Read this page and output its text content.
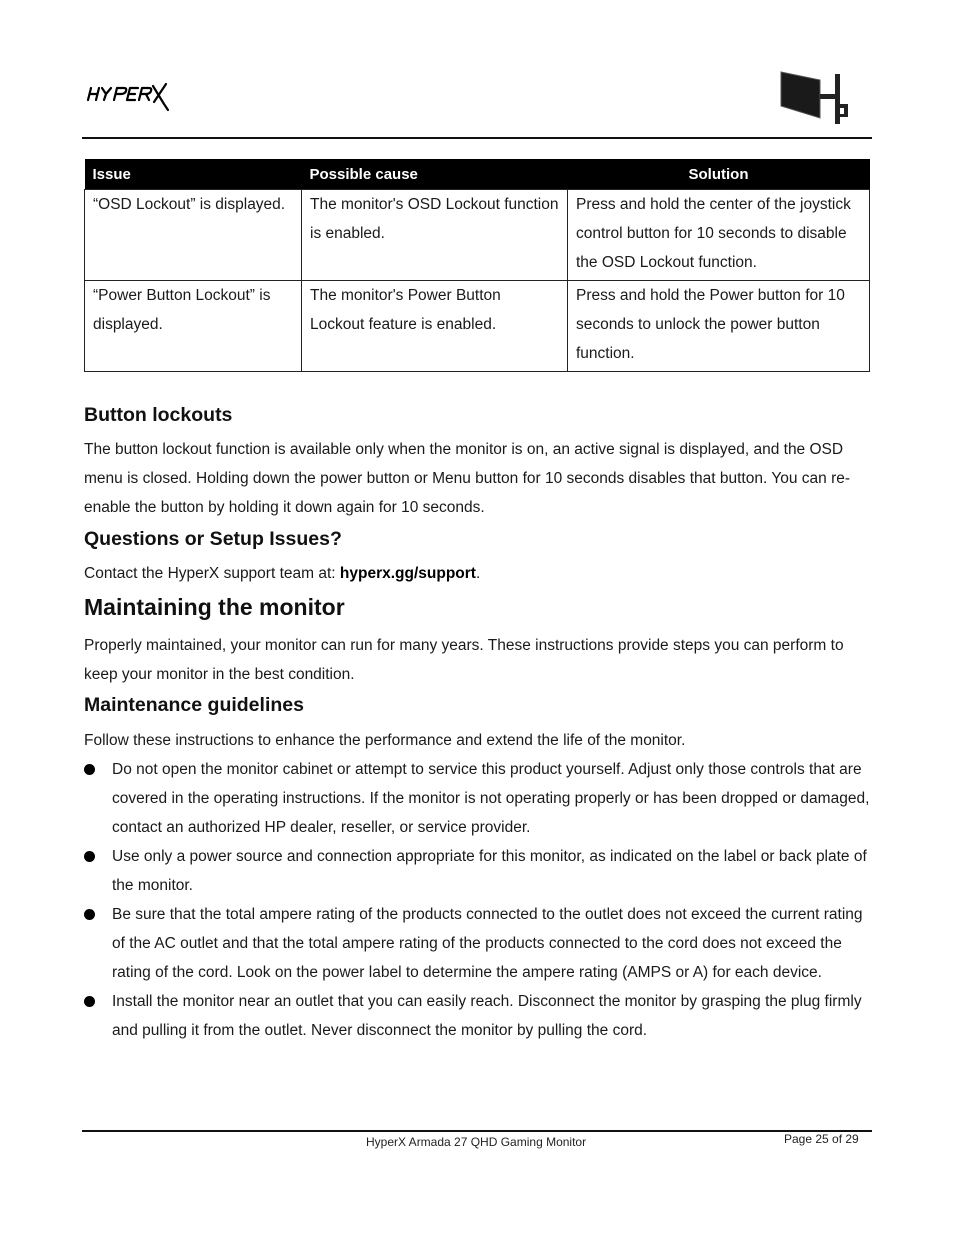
Issue	Possible cause	Solution
“OSD Lockout” is displayed.	The monitor's OSD Lockout function is enabled.	Press and hold the center of the joystick control button for 10 seconds to disable the OSD Lockout function.
“Power Button Lockout” is displayed.	The monitor's Power Button Lockout feature is enabled.	Press and hold the Power button for 10 seconds to unlock the power button function.
Button lockouts

The button lockout function is available only when the monitor is on, an active signal is displayed, and the OSD menu is closed. Holding down the power button or Menu button for 10 seconds disables that button. You can re-enable the button by holding it down again for 10 seconds.

Questions or Setup Issues?

Contact the HyperX support team at: hyperx.gg/support.

Maintaining the monitor

Properly maintained, your monitor can run for many years. These instructions provide steps you can perform to keep your monitor in the best condition.

Maintenance guidelines

Follow these instructions to enhance the performance and extend the life of the monitor.

Do not open the monitor cabinet or attempt to service this product yourself. Adjust only those controls that are covered in the operating instructions. If the monitor is not operating properly or has been dropped or damaged, contact an authorized HP dealer, reseller, or service provider.
Use only a power source and connection appropriate for this monitor, as indicated on the label or back plate of the monitor.
Be sure that the total ampere rating of the products connected to the outlet does not exceed the current rating of the AC outlet and that the total ampere rating of the products connected to the cord does not exceed the rating of the cord. Look on the power label to determine the ampere rating (AMPS or A) for each device.
Install the monitor near an outlet that you can easily reach. Disconnect the monitor by grasping the plug firmly and pulling it from the outlet. Never disconnect the monitor by pulling the cord.
HyperX Armada 27 QHD Gaming Monitor	Page 25 of 29
